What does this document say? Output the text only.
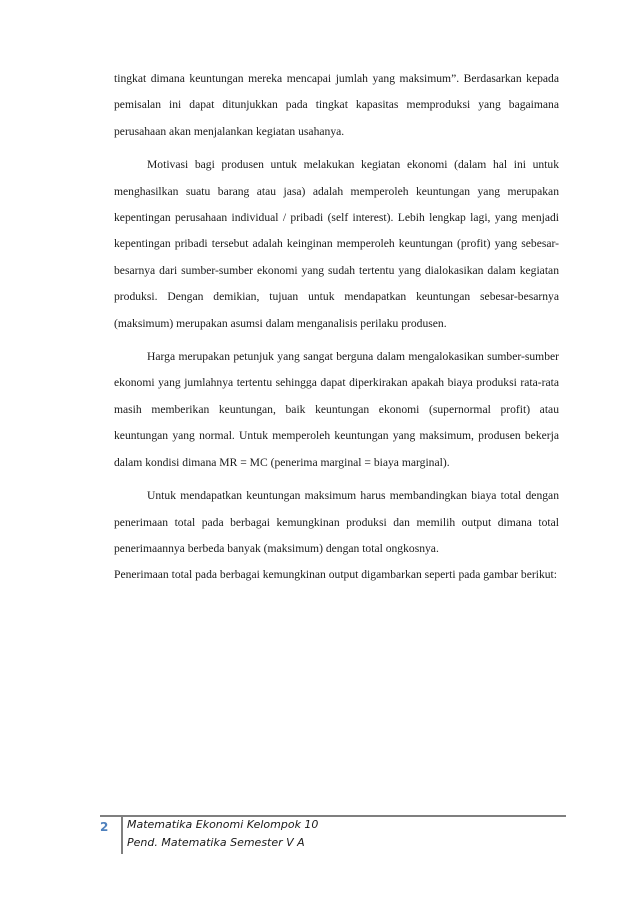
tingkat dimana keuntungan mereka mencapai jumlah yang maksimum”. Berdasarkan kepada pemisalan ini dapat ditunjukkan pada tingkat kapasitas memproduksi yang bagaimana perusahaan akan menjalankan kegiatan usahanya.

Motivasi bagi produsen untuk melakukan kegiatan ekonomi (dalam hal ini untuk menghasilkan suatu barang atau jasa) adalah memperoleh keuntungan yang merupakan kepentingan perusahaan individual / pribadi (self interest). Lebih lengkap lagi, yang menjadi kepentingan pribadi tersebut adalah keinginan memperoleh keuntungan (profit) yang sebesar-besarnya dari sumber-sumber ekonomi yang sudah tertentu yang dialokasikan dalam kegiatan produksi. Dengan demikian, tujuan untuk mendapatkan keuntungan sebesar-besarnya (maksimum) merupakan asumsi dalam menganalisis perilaku produsen.

Harga merupakan petunjuk yang sangat berguna dalam mengalokasikan sumber-sumber ekonomi yang jumlahnya tertentu sehingga dapat diperkirakan apakah biaya produksi rata-rata masih memberikan keuntungan, baik keuntungan ekonomi (supernormal profit) atau keuntungan yang normal. Untuk memperoleh keuntungan yang maksimum, produsen bekerja dalam kondisi dimana MR = MC (penerima marginal = biaya marginal).

Untuk mendapatkan keuntungan maksimum harus membandingkan biaya total dengan penerimaan total pada berbagai kemungkinan produksi dan memilih output dimana total penerimaannya berbeda banyak (maksimum) dengan total ongkosnya.

Penerimaan total pada berbagai kemungkinan output digambarkan seperti pada gambar berikut:

2	Matematika Ekonomi Kelompok 10
Pend. Matematika Semester V A
